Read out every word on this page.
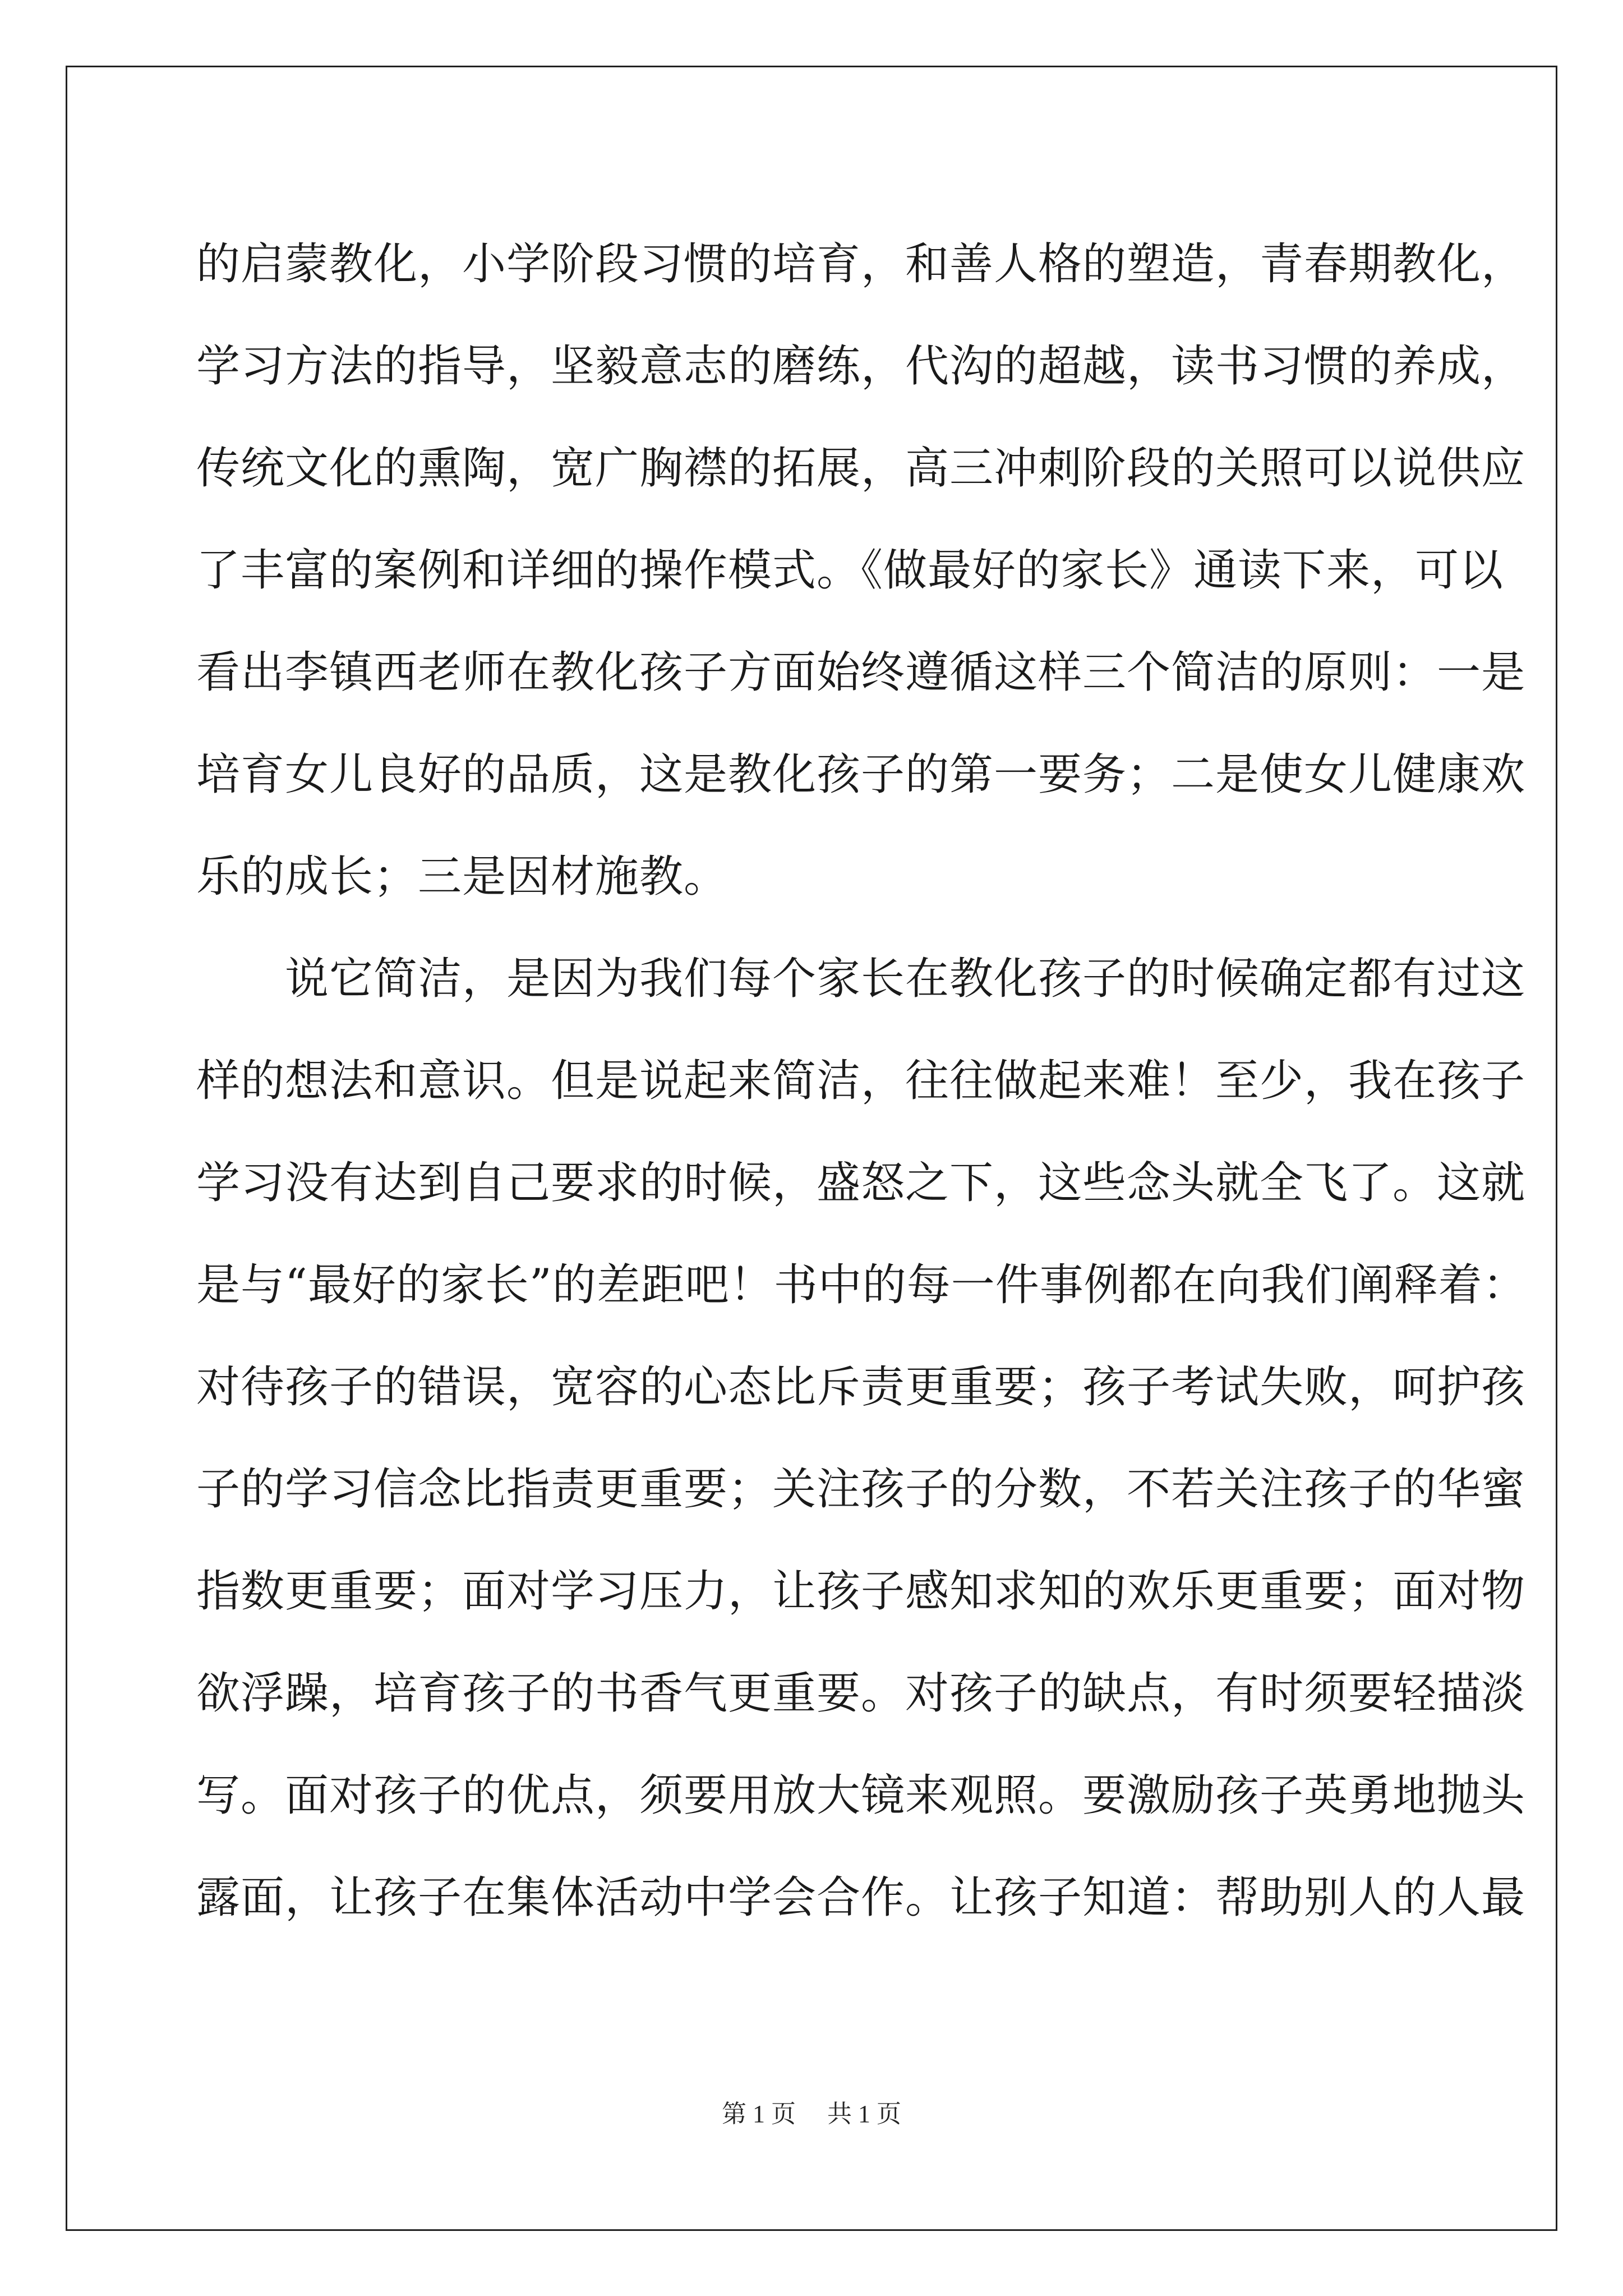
的启蒙教化，小学阶段习惯的培育，和善人格的塑造，青春期教化，
学习方法的指导，坚毅意志的磨练，代沟的超越，读书习惯的养成，
传统文化的熏陶，宽广胸襟的拓展，高三冲刺阶段的关照可以说供应
了丰富的案例和详细的操作模式。《做最好的家长》通读下来，可以
看出李镇西老师在教化孩子方面始终遵循这样三个简洁的原则：一是
培育女儿良好的品质，这是教化孩子的第一要务；二是使女儿健康欢
乐的成长；三是因材施教。
　　说它简洁，是因为我们每个家长在教化孩子的时候确定都有过这
样的想法和意识。但是说起来简洁，往往做起来难！至少，我在孩子
学习没有达到自己要求的时候，盛怒之下，这些念头就全飞了。这就
是与“最好的家长”的差距吧！书中的每一件事例都在向我们阐释着：
对待孩子的错误，宽容的心态比斥责更重要；孩子考试失败，呵护孩
子的学习信念比指责更重要；关注孩子的分数，不若关注孩子的华蜜
指数更重要；面对学习压力，让孩子感知求知的欢乐更重要；面对物
欲浮躁，培育孩子的书香气更重要。对孩子的缺点，有时须要轻描淡
写。面对孩子的优点，须要用放大镜来观照。要激励孩子英勇地抛头
露面，让孩子在集体活动中学会合作。让孩子知道：帮助别人的人最
第 1 页 共 1 页
